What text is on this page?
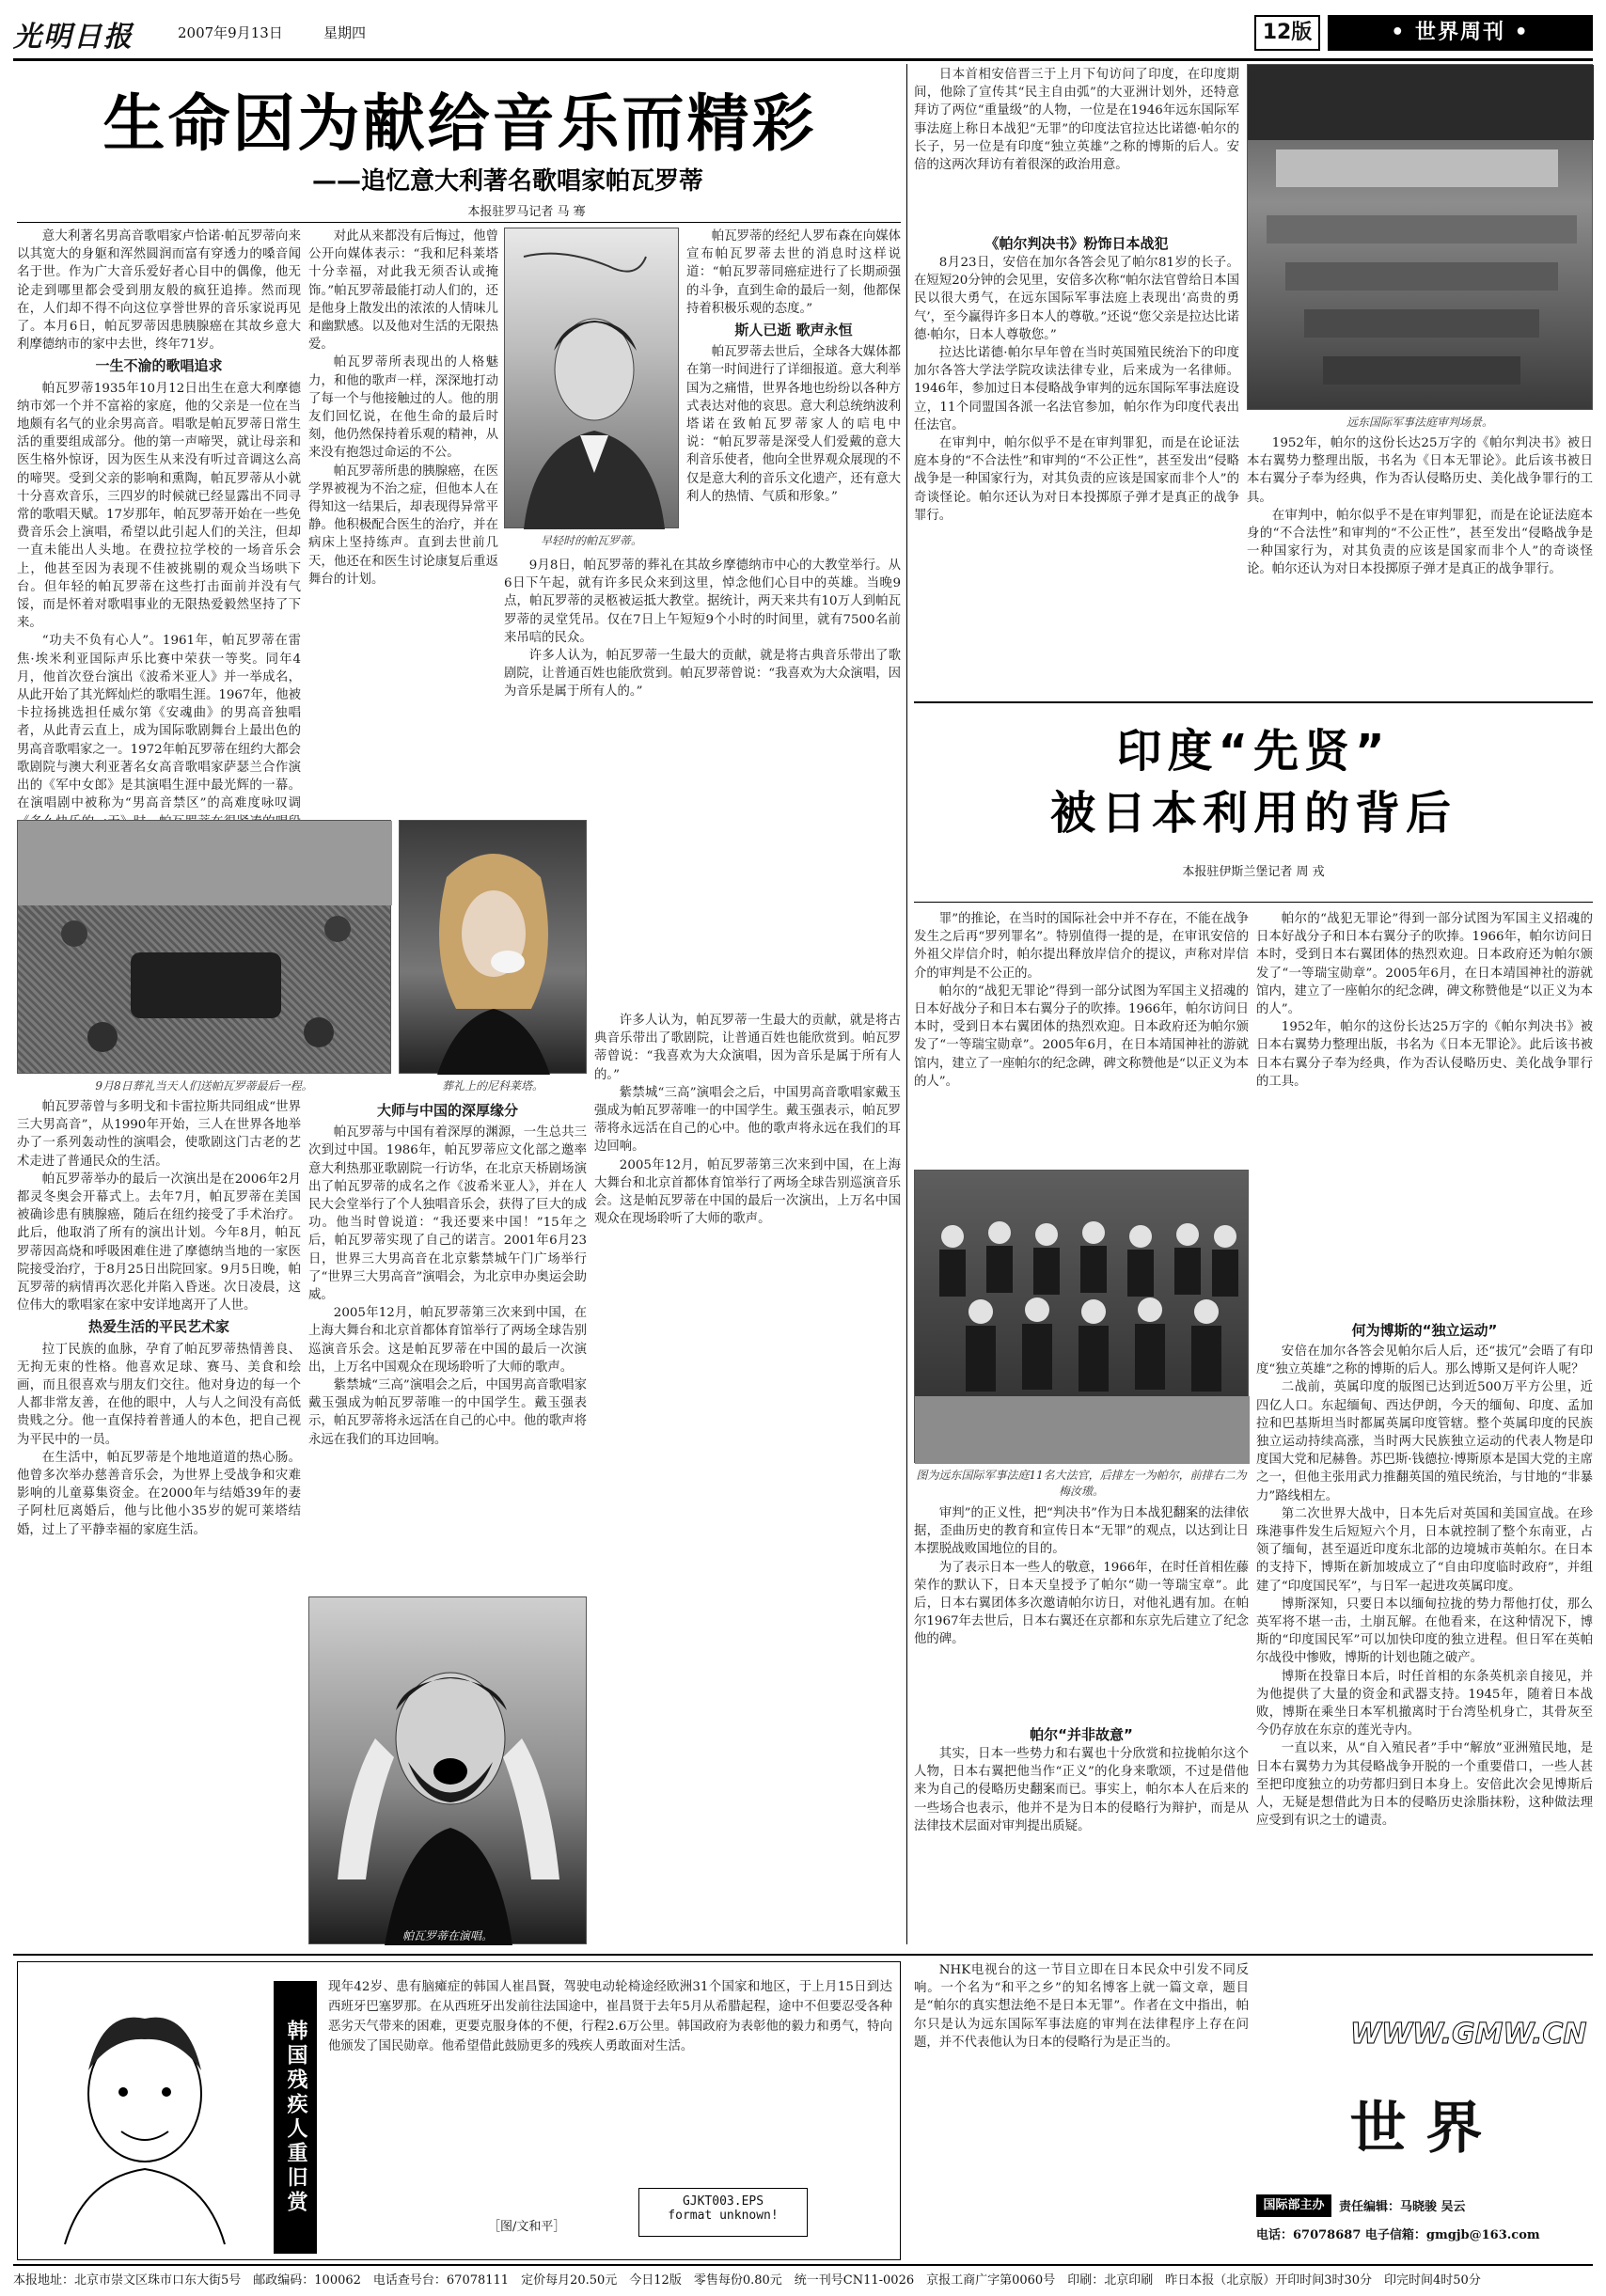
光明日报	2007年9月13日	星期四	12版	• 世界周刊 •
生命因为献给音乐而精彩
——追忆意大利著名歌唱家帕瓦罗蒂
本报驻罗马记者 马 骞

意大利著名男高音歌唱家卢恰诺·帕瓦罗蒂向来以其宽大的身躯和浑然圆润而富有穿透力的嗓音闻名于世。作为广大音乐爱好者心目中的偶像，他无论走到哪里都会受到朋友般的疯狂追捧。然而现在，人们却不得不向这位享誉世界的音乐家说再见了。本月6日，帕瓦罗蒂因患胰腺癌在其故乡意大利摩德纳市的家中去世，终年71岁。

一生不渝的歌唱追求

帕瓦罗蒂1935年10月12日出生在意大利摩德纳市郊一个并不富裕的家庭，他的父亲是一位在当地颇有名气的业余男高音。唱歌是帕瓦罗蒂日常生活的重要组成部分。他的第一声啼哭，就让母亲和医生格外惊讶，因为医生从来没有听过音调这么高的啼哭。受到父亲的影响和熏陶，帕瓦罗蒂从小就十分喜欢音乐，三四岁的时候就已经显露出不同寻常的歌唱天赋。17岁那年，帕瓦罗蒂开始在一些免费音乐会上演唱，希望以此引起人们的关注，但却一直未能出人头地。在费拉拉学校的一场音乐会上，他甚至因为表现不佳被挑剔的观众当场哄下台。但年轻的帕瓦罗蒂在这些打击面前并没有气馁，而是怀着对歌唱事业的无限热爱毅然坚持了下来。

“功夫不负有心人”。1961年，帕瓦罗蒂在雷焦·埃米利亚国际声乐比赛中荣获一等奖。同年4月，他首次登台演出《波希米亚人》并一举成名，从此开始了其光辉灿烂的歌唱生涯。1967年，他被卡拉扬挑选担任威尔第《安魂曲》的男高音独唱者，从此青云直上，成为国际歌剧舞台上最出色的男高音歌唱家之一。1972年帕瓦罗蒂在纽约大都会歌剧院与澳大利亚著名女高音歌唱家萨瑟兰合作演出的《军中女郎》是其演唱生涯中最光辉的一幕。在演唱剧中被称为“男高音禁区”的高难度咏叹调

对此从来都没有后悔过，他曾公开向媒体表示：“我和尼科莱塔十分幸福，对此我无须否认或掩饰。”帕瓦罗蒂最能打动人们的，还是他身上散发出的浓浓的人情味儿和幽默感。以及他对生活的无限热爱。

帕瓦罗蒂所表现出的人格魅力，和他的歌声一样，深深地打动了每一个与他接触过的人。他的朋友们回忆说，在他生命的最后时刻，他仍然保持着乐观的精神，从来没有抱怨过命运的不公。

帕瓦罗蒂所患的胰腺癌，在医学界被视为不治之症，但他本人在得知这一结果后，却表现得异常平静。他积极配合医生的治疗，并在病床上坚持练声。直到去世前几天，他还在和医生讨论康复后重返舞台的计划。

早轻时的帕瓦罗蒂。

帕瓦罗蒂的经纪人罗布森在向媒体宣布帕瓦罗蒂去世的消息时这样说道：“帕瓦罗蒂同癌症进行了长期顽强的斗争，直到生命的最后一刻，他都保持着积极乐观的态度。”

斯人已逝 歌声永恒

帕瓦罗蒂去世后，全球各大媒体都在第一时间进行了详细报道。意大利举国为之痛惜，世界各地也纷纷以各种方式表达对他的哀思。意大利总统纳波利塔诺在致帕瓦罗蒂家人的唁电中说：“帕瓦罗蒂是深受人们爱戴的意大利音乐使者，他向全世界观众展现的不仅是意大利的音乐文化遗产，还有意大利人的热情、气质和形象。”

9月8日，帕瓦罗蒂的葬礼在其故乡摩德纳市中心的大教堂举行。从6日下午起，就有许多民众来到这里，悼念他们心目中的英雄。当晚9点，帕瓦罗蒂的灵柩被运抵大教堂。据统计，两天来共有10万人到帕瓦罗蒂的灵堂凭吊。仅在7日上午短短9个小时的时间里，就有7500名前来吊唁的民众。

许多人认为，帕瓦罗蒂一生最大的贡献，就是将古典音乐带出了歌剧院，让普通百姓也能欣赏到。帕瓦罗蒂曾说：“我喜欢为大众演唱，因为音乐是属于所有人的。”

9月8日葬礼当天人们送帕瓦罗蒂最后一程。	葬礼上的尼科莱塔。

帕瓦罗蒂曾与多明戈和卡雷拉斯共同组成“世界三大男高音”，从1990年开始，三人在世界各地举办了一系列轰动性的演唱会，使歌剧这门古老的艺术走进了普通民众的生活。

帕瓦罗蒂举办的最后一次演出是在2006年2月都灵冬奥会开幕式上。去年7月，帕瓦罗蒂在美国被确诊患有胰腺癌，随后在纽约接受了手术治疗。此后，他取消了所有的演出计划。今年8月，帕瓦罗蒂因高烧和呼吸困难住进了摩德纳当地的一家医院接受治疗，于8月25日出院回家。9月5日晚，帕瓦罗蒂的病情再次恶化并陷入昏迷。次日凌晨，这位伟大的歌唱家在家中安详地离开了人世。

热爱生活的平民艺术家

拉丁民族的血脉，孕育了帕瓦罗蒂热情善良、无拘无束的性格。他喜欢足球、赛马、美食和绘画，而且很喜欢与朋友们交往。他对身边的每一个人都非常友善，在他的眼中，人与人之间没有高低贵贱之分。他一直保持着普通人的本色，把自己视为平民中的一员。

在生活中，帕瓦罗蒂是个地地道道的热心肠。他曾多次举办慈善音乐会，为世界上受战争和灾难影响的儿童募集资金。在2000年与结婚39年的妻子阿杜厄离婚后，他与比他小35岁的妮可莱塔结婚，过上了平静幸福的家庭生活。

大师与中国的深厚缘分

帕瓦罗蒂与中国有着深厚的渊源，一生总共三次到过中国。1986年，帕瓦罗蒂应文化部之邀率意大利热那亚歌剧院一行访华，在北京天桥剧场演出了帕瓦罗蒂的成名之作《波希米亚人》，并在人民大会堂举行了个人独唱音乐会，获得了巨大的成功。他当时曾说道：“我还要来中国！”15年之后，帕瓦罗蒂实现了自己的诺言。2001年6月23日，世界三大男高音在北京紫禁城午门广场举行了“世界三大男高音”演唱会，为北京申办奥运会助威。

2005年12月，帕瓦罗蒂第三次来到中国，在上海大舞台和北京首都体育馆举行了两场全球告别巡演音乐会。这是帕瓦罗蒂在中国的最后一次演出，上万名中国观众在现场聆听了大师的歌声。

紫禁城“三高”演唱会之后，中国男高音歌唱家戴玉强成为帕瓦罗蒂唯一的中国学生。戴玉强表示，帕瓦罗蒂将永远活在自己的心中。他的歌声将永远在我们的耳边回响。

许多人认为，帕瓦罗蒂一生最大的贡献，就是将古典音乐带出了歌剧院，让普通百姓也能欣赏到。帕瓦罗蒂曾说：“我喜欢为大众演唱，因为音乐是属于所有人的。”

紫禁城“三高”演唱会之后，中国男高音歌唱家戴玉强成为帕瓦罗蒂唯一的中国学生。戴玉强表示，帕瓦罗蒂将永远活在自己的心中。他的歌声将永远在我们的耳边回响。

2005年12月，帕瓦罗蒂第三次来到中国，在上海大舞台和北京首都体育馆举行了两场全球告别巡演音乐会。这是帕瓦罗蒂在中国的最后一次演出，上万名中国观众在现场聆听了大师的歌声。

帕瓦罗蒂在演唱。

日本首相安倍晋三于上月下旬访问了印度，在印度期间，他除了宣传其“民主自由弧”的大亚洲计划外，还特意拜访了两位“重量级”的人物，一位是在1946年远东国际军事法庭上称日本战犯“无罪”的印度法官拉达比诺德·帕尔的长子，另一位是有印度“独立英雄”之称的博斯的后人。安倍的这两次拜访有着很深的政治用意。

《帕尔判决书》粉饰日本战犯

8月23日，安倍在加尔各答会见了帕尔81岁的长子。在短短20分钟的会见里，安倍多次称“帕尔法官曾给日本国民以很大勇气，在远东国际军事法庭上表现出‘高贵的勇气’，至今赢得许多日本人的尊敬。”还说“您父亲是拉达比诺德·帕尔，日本人尊敬您。”

拉达比诺德·帕尔早年曾在当时英国殖民统治下的印度加尔各答大学法学院攻读法律专业，后来成为一名律师。1946年，参加过日本侵略战争审判的远东国际军事法庭设立，11个同盟国各派一名法官参加，帕尔作为印度代表出任法官。

在审判中，帕尔似乎不是在审判罪犯，而是在论证法庭本身的“不合法性”和审判的“不公正性”，甚至发出“侵略战争是一种国家行为，对其负责的应该是国家而非个人”的奇谈怪论。帕尔还认为对日本投掷原子弹才是真正的战争罪行。

远东国际军事法庭审判场景。

1952年，帕尔的这份长达25万字的《帕尔判决书》被日本右翼势力整理出版，书名为《日本无罪论》。此后该书被日本右翼分子奉为经典，作为否认侵略历史、美化战争罪行的工具。

在审判中，帕尔似乎不是在审判罪犯，而是在论证法庭本身的“不合法性”和审判的“不公正性”，甚至发出“侵略战争是一种国家行为，对其负责的应该是国家而非个人”的奇谈怪论。帕尔还认为对日本投掷原子弹才是真正的战争罪行。

印度“先贤”
被日本利用的背后
本报驻伊斯兰堡记者 周 戎

罪”的推论，在当时的国际社会中并不存在，不能在战争发生之后再“罗列罪名”。特别值得一提的是，在审讯安倍的外祖父岸信介时，帕尔提出释放岸信介的提议，声称对岸信介的审判是不公正的。

帕尔的“战犯无罪论”得到一部分试图为军国主义招魂的日本好战分子和日本右翼分子的吹捧。1966年，帕尔访问日本时，受到日本右翼团体的热烈欢迎。日本政府还为帕尔颁发了“一等瑞宝勋章”。2005年6月，在日本靖国神社的游就馆内，建立了一座帕尔的纪念碑，碑文称赞他是“以正义为本的人”。

图为远东国际军事法庭11名大法官，后排左一为帕尔，前排右二为梅汝璈。

审判”的正义性，把“判决书”作为日本战犯翻案的法律依据，歪曲历史的教育和宣传日本“无罪”的观点，以达到让日本摆脱战败国地位的目的。

为了表示日本一些人的敬意，1966年，在时任首相佐藤荣作的默认下，日本天皇授予了帕尔“勋一等瑞宝章”。此后，日本右翼团体多次邀请帕尔访日，对他礼遇有加。在帕尔1967年去世后，日本右翼还在京都和东京先后建立了纪念他的碑。

帕尔“并非故意”

其实，日本一些势力和右翼也十分欣赏和拉拢帕尔这个人物，日本右翼把他当作“正义”的化身来歌颂，不过是借他来为自己的侵略历史翻案而已。事实上，帕尔本人在后来的一些场合也表示，他并不是为日本的侵略行为辩护，而是从法律技术层面对审判提出质疑。

帕尔的“战犯无罪论”得到一部分试图为军国主义招魂的日本好战分子和日本右翼分子的吹捧。1966年，帕尔访问日本时，受到日本右翼团体的热烈欢迎。日本政府还为帕尔颁发了“一等瑞宝勋章”。2005年6月，在日本靖国神社的游就馆内，建立了一座帕尔的纪念碑，碑文称赞他是“以正义为本的人”。

1952年，帕尔的这份长达25万字的《帕尔判决书》被日本右翼势力整理出版，书名为《日本无罪论》。此后该书被日本右翼分子奉为经典，作为否认侵略历史、美化战争罪行的工具。

何为博斯的“独立运动”

安倍在加尔各答会见帕尔后人后，还“拔冗”会晤了有印度“独立英雄”之称的博斯的后人。那么博斯又是何许人呢？

二战前，英属印度的版图已达到近500万平方公里，近四亿人口。东起缅甸、西达伊朗，今天的缅甸、印度、孟加拉和巴基斯坦当时都属英属印度管辖。整个英属印度的民族独立运动持续高涨，当时两大民族独立运动的代表人物是印度国大党和尼赫鲁。苏巴斯·钱德拉·博斯原本是国大党的主席之一，但他主张用武力推翻英国的殖民统治，与甘地的“非暴力”路线相左。

第二次世界大战中，日本先后对英国和美国宣战。在珍珠港事件发生后短短六个月，日本就控制了整个东南亚，占领了缅甸，甚至逼近印度东北部的边境城市英帕尔。在日本的支持下，博斯在新加坡成立了“自由印度临时政府”，并组建了“印度国民军”，与日军一起进攻英属印度。

博斯深知，只要日本以缅甸拉拢的势力帮他打仗，那么英军将不堪一击，土崩瓦解。在他看来，在这种情况下，博斯的“印度国民军”可以加快印度的独立进程。但日军在英帕尔战役中惨败，博斯的计划也随之破产。

博斯在投靠日本后，时任首相的东条英机亲自接见，并为他提供了大量的资金和武器支持。1945年，随着日本战败，博斯在乘坐日本军机撤离时于台湾坠机身亡，其骨灰至今仍存放在东京的莲光寺内。

一直以来，从“自入殖民者”手中“解放”亚洲殖民地，是日本右翼势力为其侵略战争开脱的一个重要借口，一些人甚至把印度独立的功劳都归到日本身上。安倍此次会见博斯后人，无疑是想借此为日本的侵略历史涂脂抹粉，这种做法理应受到有识之士的谴责。

韩国残疾人重旧赏
现年42岁、患有脑瘫症的韩国人崔昌賢，驾驶电动轮椅途经欧洲31个国家和地区，于上月15日到达西班牙巴塞罗那。在从西班牙出发前往法国途中，崔昌贤于去年5月从希腊起程，途中不但要忍受各种恶劣天气带来的困难，更要克服身体的不便，行程2.6万公里。韩国政府为表彰他的毅力和勇气，特向他颁发了国民勋章。他希望借此鼓励更多的残疾人勇敢面对生活。
GJKT003.EPS
format unknown!
［图/文和平］

NHK电视台的这一节目立即在日本民众中引发不同反响。一个名为“和平之乡”的知名博客上就一篇文章，题目是“帕尔的真实想法绝不是日本无罪”。作者在文中指出，帕尔只是认为远东国际军事法庭的审判在法律程序上存在问题，并不代表他认为日本的侵略行为是正当的。	WWW.GMW.CN
世 界
国际部主办	责任编辑：马晓骏 吴云
电话：67078687 电子信箱：gmgjb@163.com
本报地址：北京市崇文区珠市口东大街5号　邮政编码：100062　电话查号台：67078111　定价每月20.50元　今日12版　零售每份0.80元　统一刊号CN11-0026　京报工商广字第0060号　印刷：北京印刷　昨日本报（北京版）开印时间3时30分　印完时间4时50分
